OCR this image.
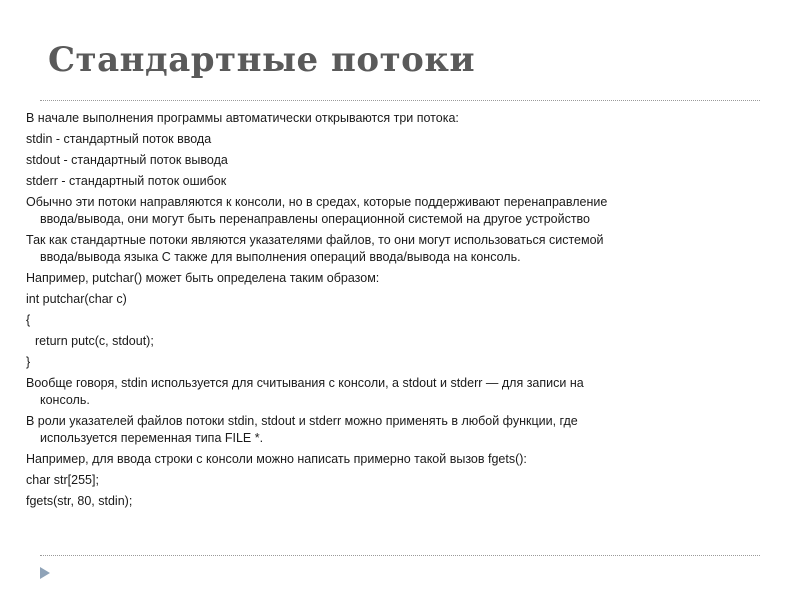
Стандартные потоки

В начале выполнения программы автоматически открываются три потока:

stdin - стандартный поток ввода

stdout - стандартный поток вывода

stderr - стандартный поток ошибок

Обычно эти потоки направляются к консоли, но в средах, которые поддерживают перенаправление
ввода/вывода, они могут быть перенаправлены операционной системой на другое устройство

Так как стандартные потоки являются указателями файлов, то они могут использоваться системой
ввода/вывода языка С также для выполнения операций ввода/вывода на консоль.

Например, putchar() может быть определена таким образом:

int putchar(char c)

{

return putc(c, stdout);

}

Вообще говоря, stdin используется для считывания с консоли, a stdout и stderr — для записи на
консоль.

В роли указателей файлов потоки stdin, stdout и stderr можно применять в любой функции, где
используется переменная типа FILE *.

Например, для ввода строки с консоли можно написать примерно такой вызов fgets():

char str[255];

fgets(str, 80, stdin);
